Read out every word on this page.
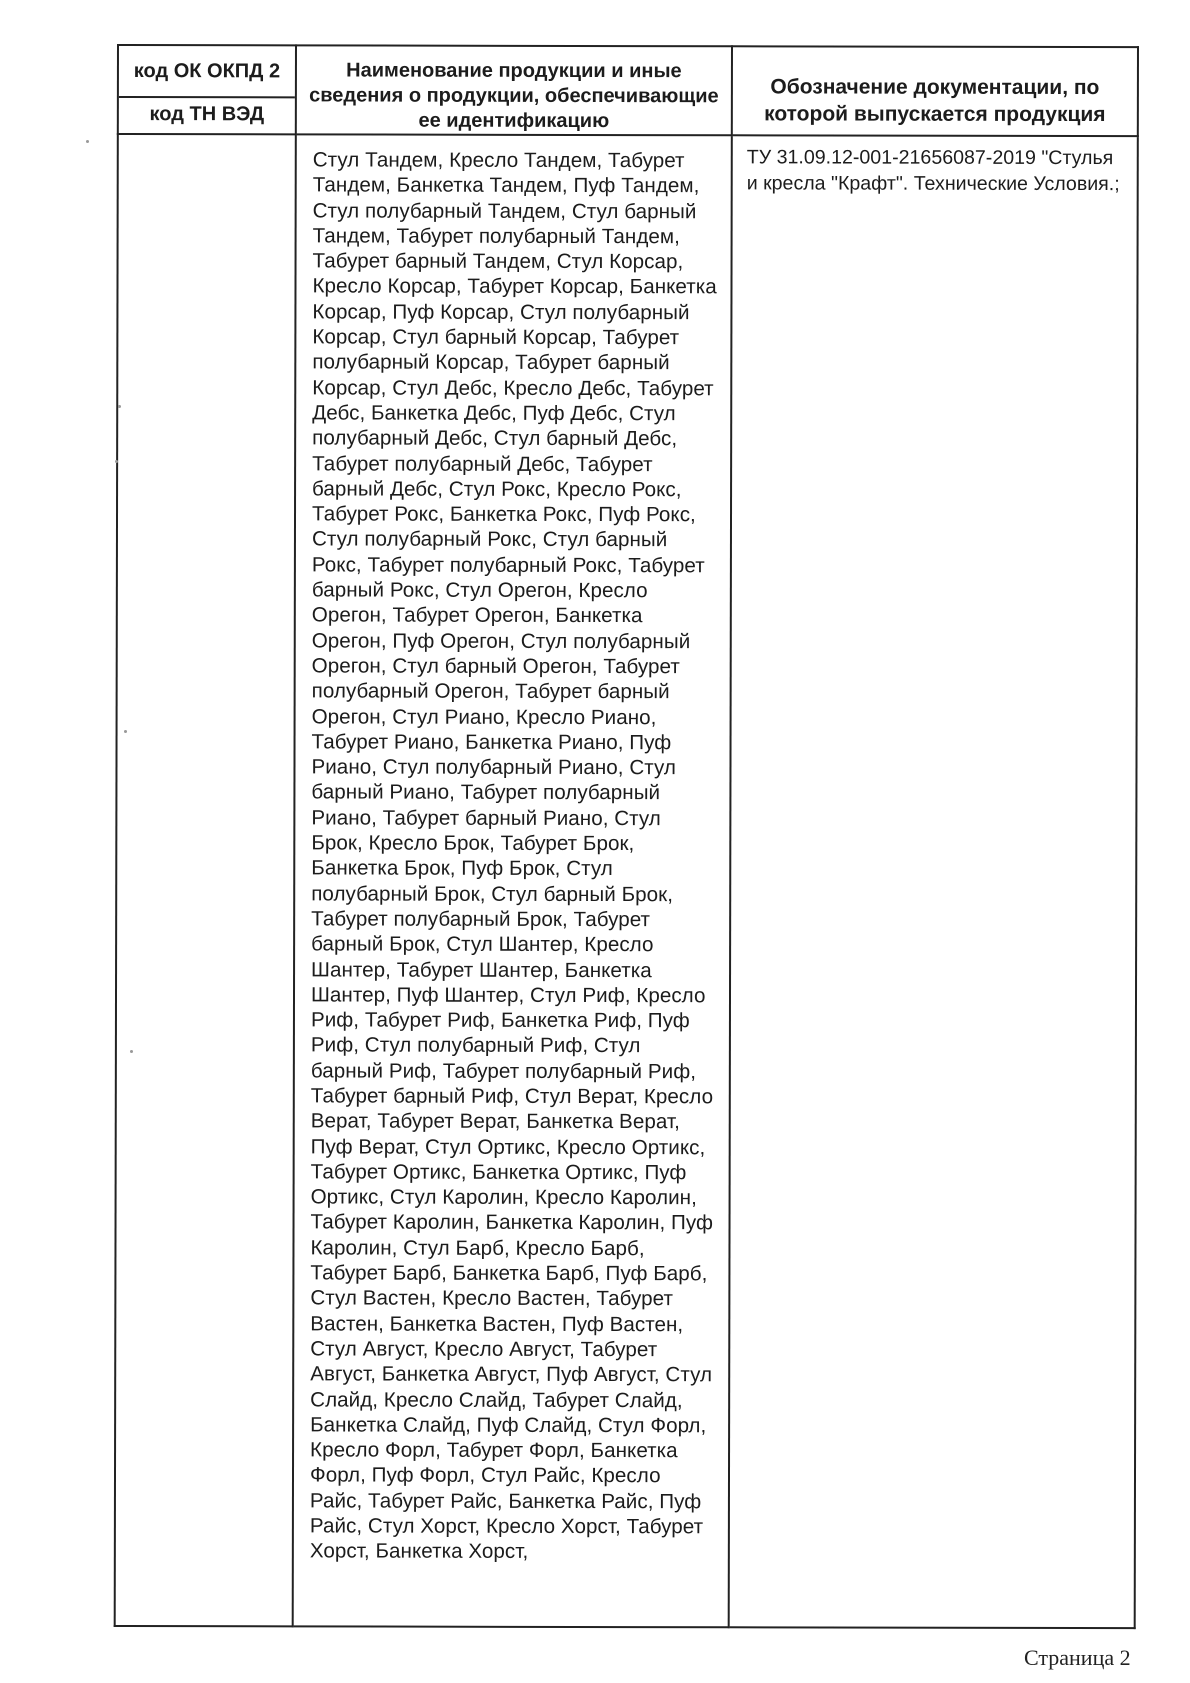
код ОК ОКПД 2
код ТН ВЭД	Наименование продукции и иные сведения о продукции, обеспечивающие ее идентификацию	Обозначение документации, по которой выпускается продукция
	Стул Тандем, Кресло Тандем, Табурет Тандем, Банкетка Тандем, Пуф Тандем, Стул полубарный Тандем, Стул барный Тандем, Табурет полубарный Тандем, Табурет барный Тандем, Стул Корсар, Кресло Корсар, Табурет Корсар, Банкетка Корсар, Пуф Корсар, Стул полубарный Корсар, Стул барный Корсар, Табурет полубарный Корсар, Табурет барный Корсар, Стул Дебс, Кресло Дебс, Табурет Дебс, Банкетка Дебс, Пуф Дебс, Стул полубарный Дебс, Стул барный Дебс, Табурет полубарный Дебс, Табурет барный Дебс, Стул Рокс, Кресло Рокс, Табурет Рокс, Банкетка Рокс, Пуф Рокс, Стул полубарный Рокс, Стул барный Рокс, Табурет полубарный Рокс, Табурет барный Рокс, Стул Орегон, Кресло Орегон, Табурет Орегон, Банкетка Орегон, Пуф Орегон, Стул полубарный Орегон, Стул барный Орегон, Табурет полубарный Орегон, Табурет барный Орегон, Стул Риано, Кресло Риано, Табурет Риано, Банкетка Риано, Пуф Риано, Стул полубарный Риано, Стул барный Риано, Табурет полубарный Риано, Табурет барный Риано, Стул Брок, Кресло Брок, Табурет Брок, Банкетка Брок, Пуф Брок, Стул полубарный Брок, Стул барный Брок, Табурет полубарный Брок, Табурет барный Брок, Стул Шантер, Кресло Шантер, Табурет Шантер, Банкетка Шантер, Пуф Шантер, Стул Риф, Кресло Риф, Табурет Риф, Банкетка Риф, Пуф Риф, Стул полубарный Риф, Стул барный Риф, Табурет полубарный Риф, Табурет барный Риф, Стул Верат, Кресло Верат, Табурет Верат, Банкетка Верат, Пуф Верат, Стул Ортикс, Кресло Ортикс, Табурет Ортикс, Банкетка Ортикс, Пуф Ортикс, Стул Каролин, Кресло Каролин, Табурет Каролин, Банкетка Каролин, Пуф Каролин, Стул Барб, Кресло Барб, Табурет Барб, Банкетка Барб, Пуф Барб, Стул Вастен, Кресло Вастен, Табурет Вастен, Банкетка Вастен, Пуф Вастен, Стул Август, Кресло Август, Табурет Август, Банкетка Август, Пуф Август, Стул Слайд, Кресло Слайд, Табурет Слайд, Банкетка Слайд, Пуф Слайд, Стул Форл, Кресло Форл, Табурет Форл, Банкетка Форл, Пуф Форл, Стул Райс, Кресло Райс, Табурет Райс, Банкетка Райс, Пуф Райс, Стул Хорст, Кресло Хорст, Табурет Хорст, Банкетка Хорст,	ТУ 31.09.12-001-21656087-2019 "Стулья и кресла "Крафт". Технические Условия.;
Страница 2
